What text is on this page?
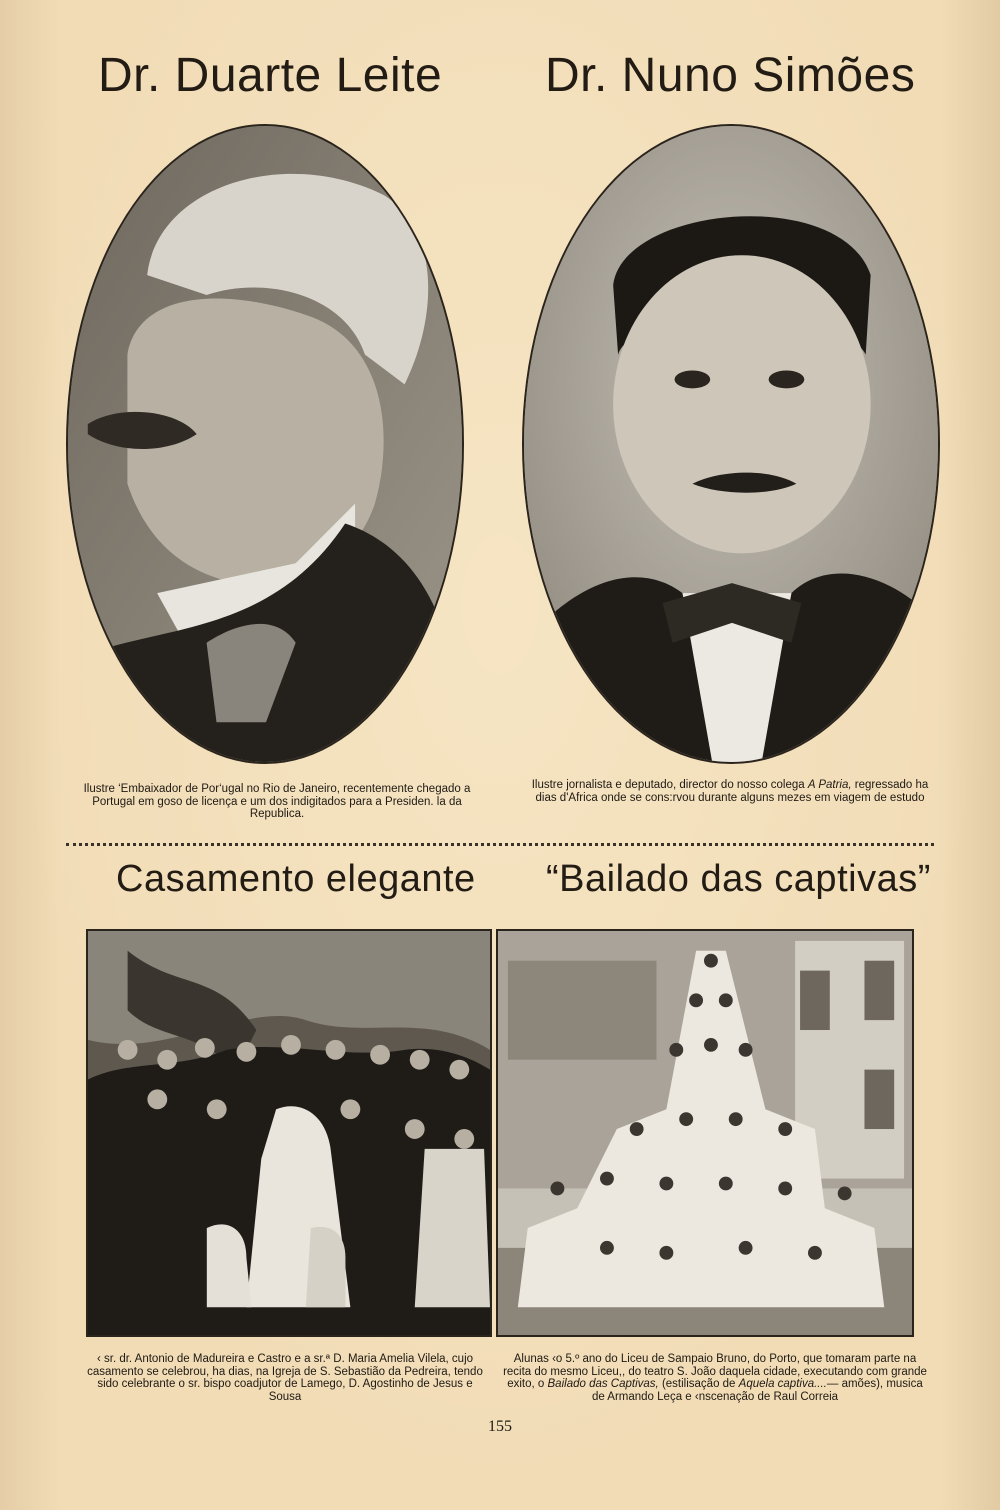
Dr. Duarte Leite Dr. Nuno Simões
Ilustre ‘Embaixador de Por‘ugal no Rio de Janeiro, recentemente chegado a Portugal em goso de licença e um dos indigitados para a Presiden. la da Republica.
Ilustre jornalista e deputado, director do nosso colega A Patria, regressado ha dias d'Africa onde se cons:rvou durante alguns mezes em viagem de estudo
Casamento elegante “Bailado das captivas”
‹ sr. dr. Antonio de Madureira e Castro e a sr.ª D. Maria Amelia Vilela, cujo casamento se celebrou, ha dias, na Igreja de S. Sebastião da Pedreira, tendo sido celebrante o sr. bispo coadjutor de Lamego, D. Agostinho de Jesus e Sousa
Alunas ‹o 5.º ano do Liceu de Sampaio Bruno, do Porto, que tomaram parte na recita do mesmo Liceu,, do teatro S. João daquela cidade, executando com grande exito, o Bailado das Captivas, (estilisação de Aquela captiva....— amões), musica de Armando Leça e ‹nscenação de Raul Correia
155
